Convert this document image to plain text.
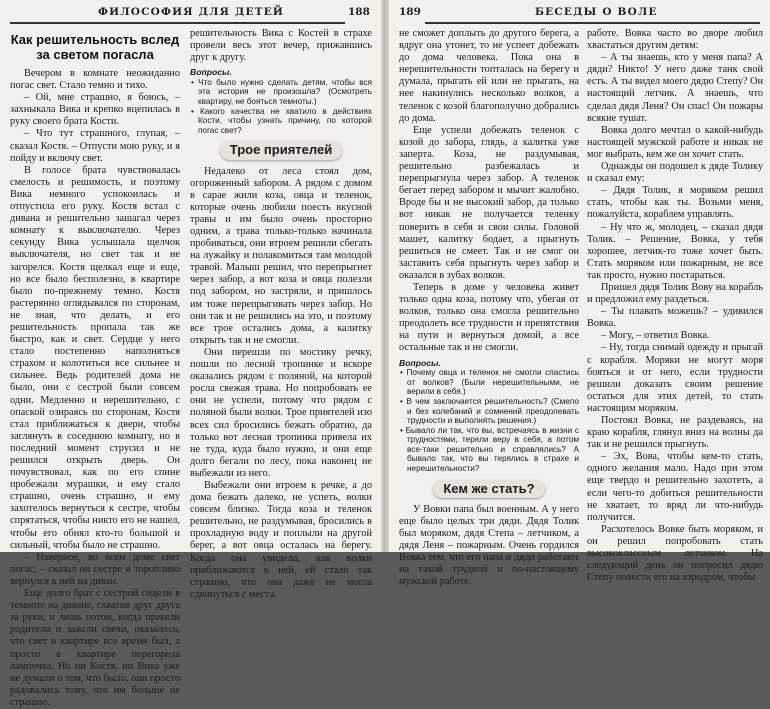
ФИЛОСОФИЯ ДЛЯ ДЕТЕЙ	188
Как решительность вслед за светом погасла

Вечером в комнате неожиданно погас свет. Стало темно и тихо.

– Ой, мне страшно, я боюсь, – захныкала Вика и крепко вцепилась в руку своего брата Кости.

– Что тут страшного, глупая, – сказал Костя. – Отпусти мою руку, и я пойду и включу свет.

В голосе брата чувствовалась смелость и решимость, и поэтому Вика немного успокоилась и отпустила его руку. Костя встал с дивана и решительно зашагал через комнату к выключателю. Через секунду Вика услышала щелчок выключателя, но свет так и не загорелся. Костя щелкал еще и еще, но все было бесполезно, в квартире было по-прежнему темно. Костя растерянно оглядывался по сторонам, не зная, что делать, и его решительность пропала так же быстро, как и свет. Сердце у него стало постепенно наполняться страхом и колотиться все сильнее и сильнее. Ведь родителей дома не было, они с сестрой были совсем одни. Медленно и нерешительно, с опаской озираясь по сторонам, Костя стал приближаться к двери, чтобы заглянуть в соседнюю комнату, но в последний момент струсил и не решился открыть дверь. Он почувствовал, как по его спине пробежали мурашки, и ему стало страшно, очень страшно, и ему захотелось вернуться к сестре, чтобы спрятаться, чтобы никто его не нашел, чтобы его обнял кто-то большой и сильный, чтобы было не страшно.

– Наверное, во всем доме свет погас, – сказал он сестре и торопливо вернулся к ней на диван.

Еще долго брат с сестрой сидели в темноте на диване, схватив друг друга за руки, и лишь потом, когда пришли родители и зажгли свечи, оказалось, что свет в квартире все время был, а просто в квартире перегорела лампочка. Но ни Костя, ни Вика уже не думали о том, что было, они просто радовались тому, что им больше не страшно.

решительность Вика с Костей в страхе провели весь этот вечер, прижавшись друг к другу.

Вопросы.
• Что было нужно сделать детям, чтобы вся эта история не произошла? (Осмотреть квартиру, не бояться темноты.)
• Какого качества не хватило в действиях Кости, чтобы узнать причину, по которой погас свет?
Трое приятелей

Недалеко от леса стоял дом, огороженный забором. А рядом с домом в сарае жили коза, овца и теленок, которые очень любили поесть вкусной травы и им было очень просторно одним, а трава только-только начинала пробиваться, они втроем решили сбегать на лужайку и полакомиться там молодой травой. Малыш решил, что перепрыгнет через забор, а вот коза и овца полезли под забором, но застряли, и пришлось им тоже перепрыгивать через забор. Но они так и не решились на это, и поэтому все трое остались дома, а калитку открыть так и не смогли.

Они перешли по мостику речку, пошли по лесной тропинке и вскоре оказались рядом с поляной, на которой росла свежая трава. Но попробовать ее они не успели, потому что рядом с поляной были волки. Трое приятелей изо всех сил бросились бежать обратно, да только вот лесная тропинка привела их не туда, куда было нужно, и они еще долго бегали по лесу, пока наконец не выбежали из него.

Выбежали они втроем к речке, а до дома бежать далеко, не успеть, волки совсем близко. Тогда коза и теленок решительно, не раздумывая, бросились в прохладную воду и поплыли на другой берег, а вот овца осталась на берегу. Когда она увидела, как волки приближаются к ней, ей стало так страшно, что она даже не могла сдвинуться с места.

189	БЕСЕДЫ О ВОЛЕ

не сможет доплыть до другого берега, а вдруг она утонет, то не успеет добежать до дома человека. Пока она в нерешительности топталась на берегу и думала, прыгать ей или не прыгать, на нее накинулись несколько волков, а теленок с козой благополучно добрались до дома.

Еще успели добежать теленок с козой до забора, глядь, а калитка уже заперта. Коза, не раздумывая, решительно разбежалась и перепрыгнула через забор. А теленок бегает перед забором и мычит жалобно. Вроде бы и не высокий забор, да только вот никак не получается теленку поверить в себя и свои силы. Головой машет, калитку бодает, а прыгнуть решиться не смеет. Так и не смог он заставить себя прыгнуть через забор и оказался в зубах волков.

Теперь в доме у человека живет только одна коза, потому что, убегая от волков, только она смогла решительно преодолеть все трудности и препятствия на пути и вернуться домой, а все остальные так и не смогли.

Вопросы.
• Почему овца и теленок не смогли спастись от волков? (Были нерешительными, не верили в себя.)
• В чем заключается решительность? (Смело и без колебаний и сомнений преодолевать трудности и выполнять решения.)
• Бывало ли так, что вы, встречаясь в жизни с трудностями, теряли веру в себя, а потом все-таки решительно и справлялись? А бывало так, что вы терялись в страхе и нерешительности?
Кем же стать?

У Вовки папа был военным. А у него еще было целых три дяди. Дядя Толик был моряком, дядя Степа – летчиком, а дядя Леня – пожарным. Очень гордился Вовка тем, что его папа и дяди работают на такой трудной и по-настоящему мужской работе.

работе. Вовка часто во дворе любил хвастаться другим детям:

– А ты знаешь, кто у меня папа? А дяди? Никто! У него даже танк свой есть. А ты видел моего дядю Степу? Он настоящий летчик. А знаешь, что сделал дядя Леня? Он спас! Он пожары всякие тушат.

Вовка долго мечтал о какой-нибудь настоящей мужской работе и никак не мог выбрать, кем же он хочет стать.

Однажды он подошел к дяде Толику и сказал ему:

– Дядя Толик, я моряком решил стать, чтобы как ты. Возьми меня, пожалуйста, кораблем управлять.

– Ну что ж, молодец, – сказал дядя Толик. – Решение, Вовка, у тебя хорошее, летчик-то тоже хочет быть. Стать моряком или пожарным, не все так просто, нужно постараться.

Пришел дядя Толик Вову на корабль и предложил ему раздеться.

– Ты плавать можешь? – удивился Вовка.

– Могу, – ответил Вовка.

– Ну, тогда снимай одежду и прыгай с корабля. Моряки не могут моря бояться и от него, если трудности решили доказать своим решение остаться для этих детей, то стать настоящим моряком.

Постоял Вовка, не раздеваясь, на краю корабля, глянул вниз на волны да так и не решился прыгнуть.

– Эх, Вова, чтобы кем-то стать, одного желания мало. Надо при этом еще твердо и решительно захотеть, а если чего-то добиться решительности не хватает, то вряд ли что-нибудь получится.

Расхотелось Вовке быть моряком, и он решил попробовать стать высококлассным летчиком. На следующий день он попросил дядю Степу повести его на аэродром, чтобы
